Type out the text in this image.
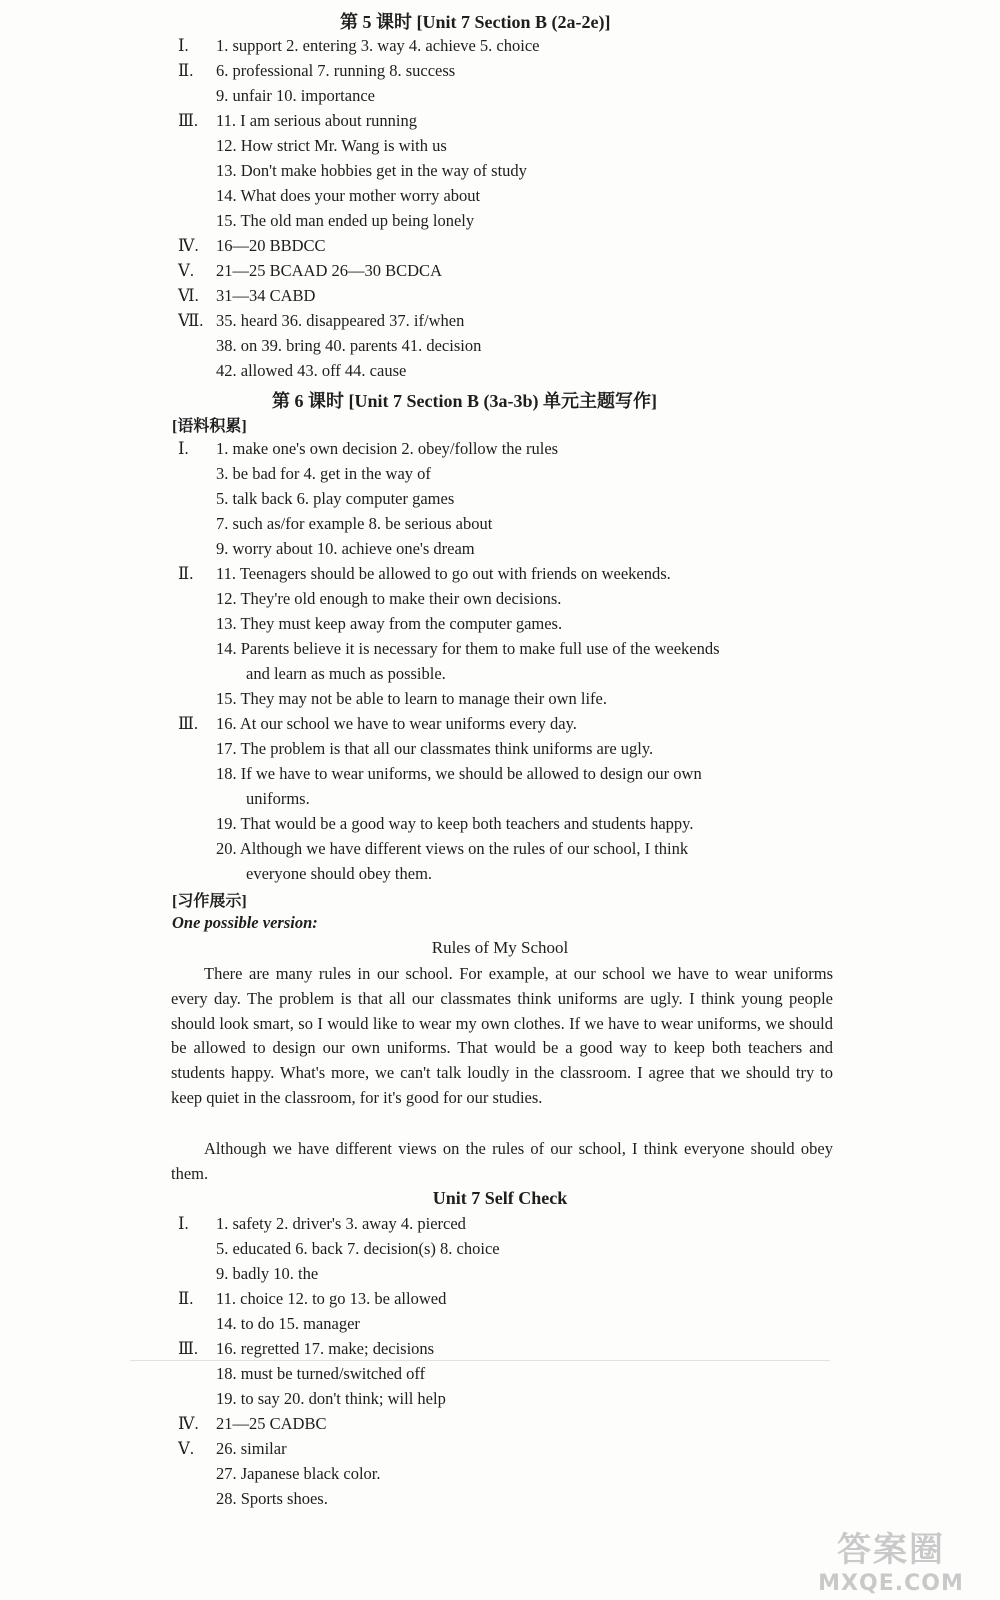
第 5 课时 [Unit 7 Section B (2a-2e)]
Ⅰ. 1. support 2. entering 3. way 4. achieve 5. choice
Ⅱ. 6. professional 7. running 8. success
9. unfair 10. importance
Ⅲ. 11. I am serious about running
12. How strict Mr. Wang is with us
13. Don't make hobbies get in the way of study
14. What does your mother worry about
15. The old man ended up being lonely
Ⅳ. 16—20 BBDCC
Ⅴ. 21—25 BCAAD 26—30 BCDCA
Ⅵ. 31—34 CABD
Ⅶ. 35. heard 36. disappeared 37. if/when
38. on 39. bring 40. parents 41. decision
42. allowed 43. off 44. cause
第 6 课时 [Unit 7 Section B (3a-3b) 单元主题写作]
[语料积累]
Ⅰ. 1. make one's own decision 2. obey/follow the rules
3. be bad for 4. get in the way of
5. talk back 6. play computer games
7. such as/for example 8. be serious about
9. worry about 10. achieve one's dream
Ⅱ. 11. Teenagers should be allowed to go out with friends on weekends.
12. They're old enough to make their own decisions.
13. They must keep away from the computer games.
14. Parents believe it is necessary for them to make full use of the weekends
and learn as much as possible.
15. They may not be able to learn to manage their own life.
Ⅲ. 16. At our school we have to wear uniforms every day.
17. The problem is that all our classmates think uniforms are ugly.
18. If we have to wear uniforms, we should be allowed to design our own
uniforms.
19. That would be a good way to keep both teachers and students happy.
20. Although we have different views on the rules of our school, I think
everyone should obey them.
[习作展示]
One possible version:
Rules of My School
There are many rules in our school. For example, at our school we have to wear uniforms every day. The problem is that all our classmates think uniforms are ugly. I think young people should look smart, so I would like to wear my own clothes. If we have to wear uniforms, we should be allowed to design our own uniforms. That would be a good way to keep both teachers and students happy. What's more, we can't talk loudly in the classroom. I agree that we should try to keep quiet in the classroom, for it's good for our studies.
Although we have different views on the rules of our school, I think everyone should obey them.
Unit 7 Self Check
Ⅰ. 1. safety 2. driver's 3. away 4. pierced
5. educated 6. back 7. decision(s) 8. choice
9. badly 10. the
Ⅱ. 11. choice 12. to go 13. be allowed
14. to do 15. manager
Ⅲ. 16. regretted 17. make; decisions
18. must be turned/switched off
19. to say 20. don't think; will help
Ⅳ. 21—25 CADBC
Ⅴ. 26. similar
27. Japanese black color.
28. Sports shoes.
答案圈
MXQE.COM
